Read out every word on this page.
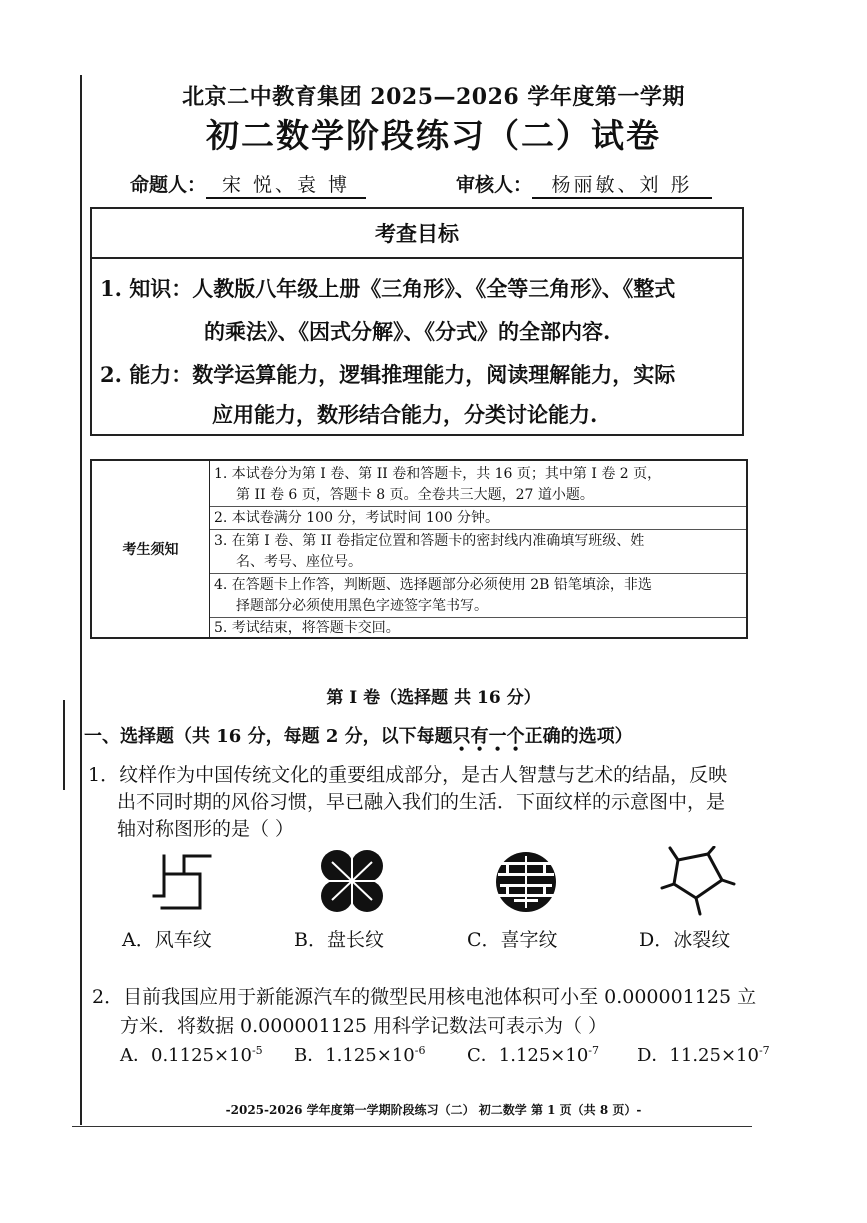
北京二中教育集团 2025—2026 学年度第一学期
初二数学阶段练习（二）试卷
命题人： 宋 悦、袁 博	审核人： 杨丽敏、刘 彤
考查目标
1. 知识：人教版八年级上册《三角形》、《全等三角形》、《整式
的乘法》、《因式分解》、《分式》的全部内容.
2. 能力：数学运算能力，逻辑推理能力，阅读理解能力，实际
应用能力，数形结合能力，分类讨论能力.
考生须知
1. 本试卷分为第 I 卷、第 II 卷和答题卡，共 16 页；其中第 I 卷 2 页，
第 II 卷 6 页，答题卡 8 页。全卷共三大题，27 道小题。
2. 本试卷满分 100 分，考试时间 100 分钟。
3. 在第 I 卷、第 II 卷指定位置和答题卡的密封线内准确填写班级、姓
名、考号、座位号。
4. 在答题卡上作答，判断题、选择题部分必须使用 2B 铅笔填涂，非选
择题部分必须使用黑色字迹签字笔书写。
5. 考试结束，将答题卡交回。
第 I 卷（选择题 共 16 分）
一、选择题（共 16 分，每题 2 分，以下每题只有一个正确的选项）
1．纹样作为中国传统文化的重要组成部分，是古人智慧与艺术的结晶，反映
出不同时期的风俗习惯，早已融入我们的生活．下面纹样的示意图中，是
轴对称图形的是（ ）
A．风车纹	B．盘长纹	C．喜字纹	D．冰裂纹
2．目前我国应用于新能源汽车的微型民用核电池体积可小至 0.000001125 立
方米．将数据 0.000001125 用科学记数法可表示为（ ）
A．$0.1125\times 10^{-5}$ B．$1.125\times 10^{-6}$ C．$1.125\times 10^{-7}$ D．$11.25\times 10^{-7}$
-2025-2026 学年度第一学期阶段练习（二） 初二数学 第 1 页（共 8 页）-
